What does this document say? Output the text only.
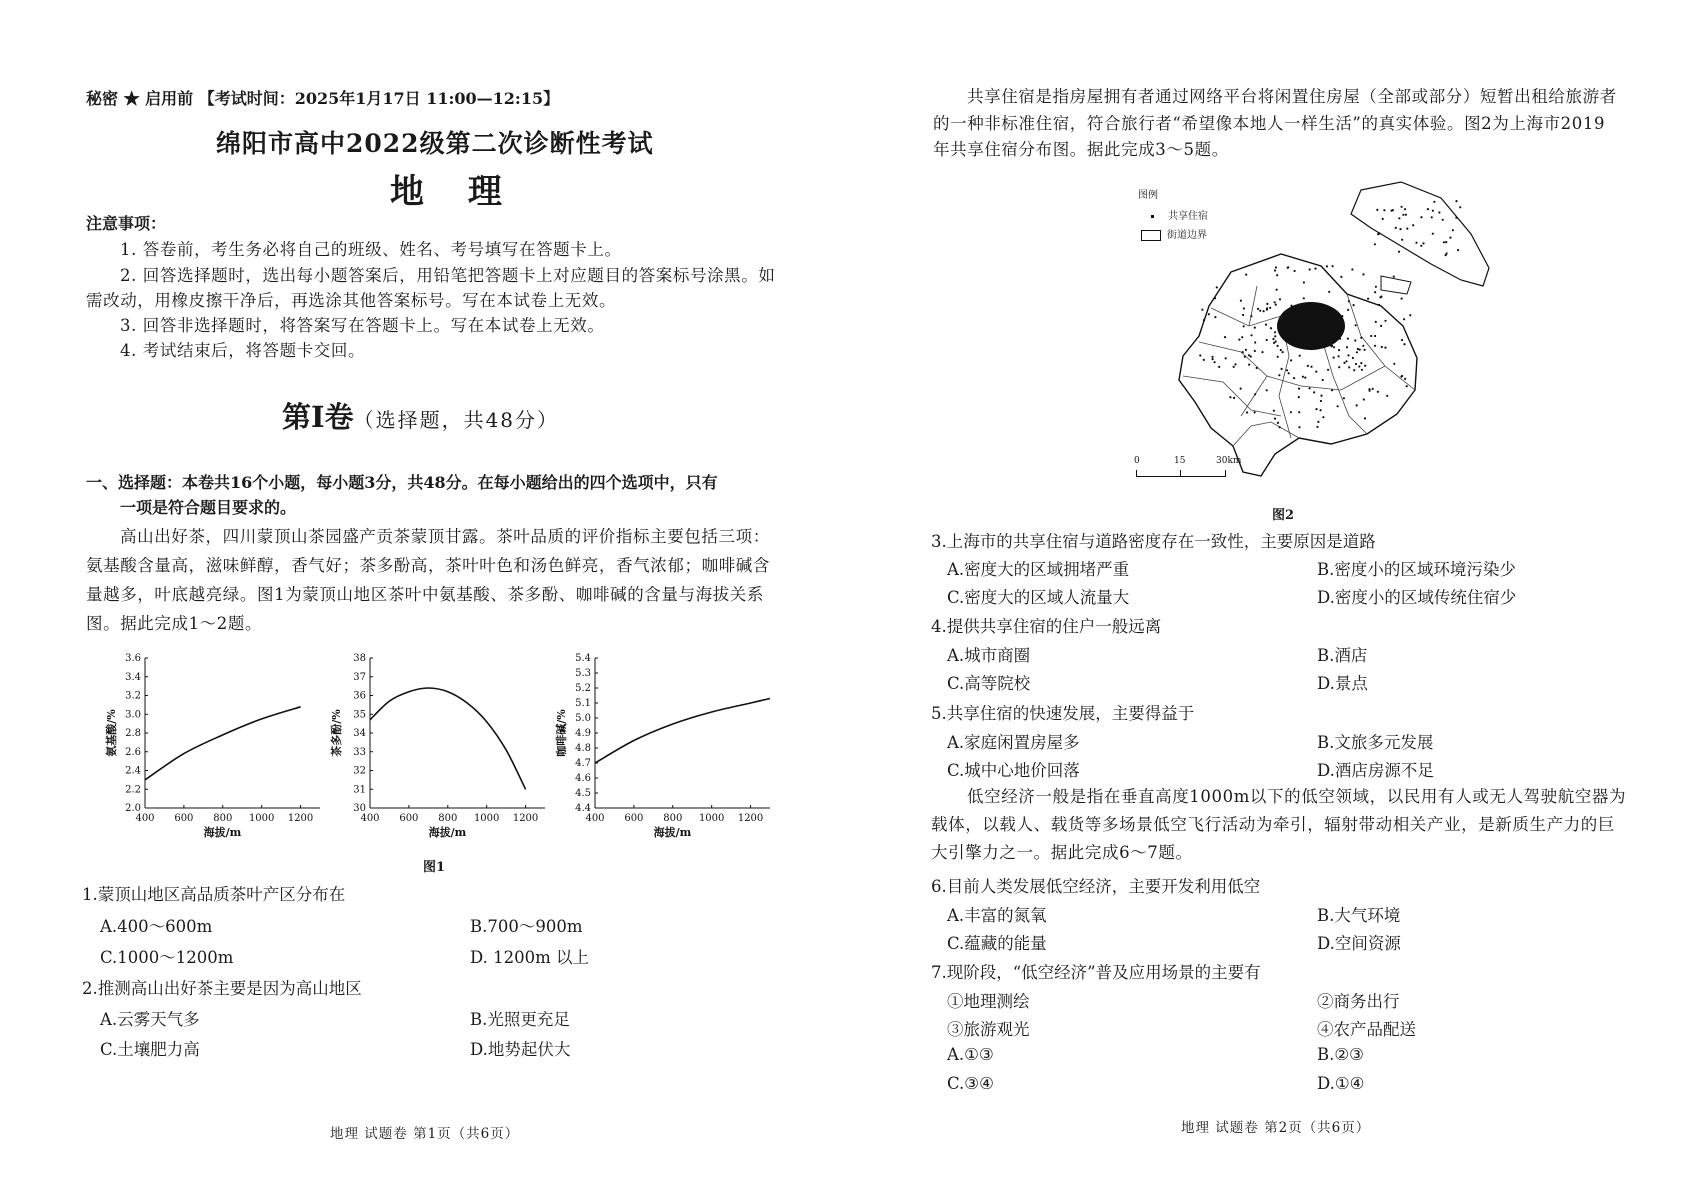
秘密 ★ 启用前 【考试时间：2025年1月17日 11:00—12:15】
绵阳市高中2022级第二次诊断性考试
地 理
注意事项：
1. 答卷前，考生务必将自己的班级、姓名、考号填写在答题卡上。
2. 回答选择题时，选出每小题答案后，用铅笔把答题卡上对应题目的答案标号涂黑。如
需改动，用橡皮擦干净后，再选涂其他答案标号。写在本试卷上无效。
3. 回答非选择题时，将答案写在答题卡上。写在本试卷上无效。
4. 考试结束后，将答题卡交回。
第Ⅰ卷（选择题，共48分）
一、选择题：本卷共16个小题，每小题3分，共48分。在每小题给出的四个选项中，只有
一项是符合题目要求的。
高山出好茶，四川蒙顶山茶园盛产贡茶蒙顶甘露。茶叶品质的评价指标主要包括三项：
氨基酸含量高，滋味鲜醇，香气好；茶多酚高，茶叶叶色和汤色鲜亮，香气浓郁；咖啡碱含
量越多，叶底越亮绿。图1为蒙顶山地区茶叶中氨基酸、茶多酚、咖啡碱的含量与海拔关系
图。据此完成1～2题。
2.0
2.2
2.4
2.6
2.8
3.0
3.2
3.4
3.6
400 600 800 1000 1200
海拔/m
氨基酸/%
30
31
32
33
34
35
36
37
38
400 600 800 1000 1200
海拔/m
茶多酚/%
4.4
4.5
4.6
4.7
4.8
4.9
5.0
5.1
5.2
5.3
5.4
400 600 800 1000 1200
海拔/m
咖啡碱/%
图1
1.蒙顶山地区高品质茶叶产区分布在
A.400～600m	B.700～900m
C.1000～1200m	D. 1200m 以上
2.推测高山出好茶主要是因为高山地区
A.云雾天气多	B.光照更充足
C.土壤肥力高	D.地势起伏大
地理 试题卷 第1页（共6页）
共享住宿是指房屋拥有者通过网络平台将闲置住房屋（全部或部分）短暂出租给旅游者
的一种非标准住宿，符合旅行者“希望像本地人一样生活”的真实体验。图2为上海市2019
年共享住宿分布图。据此完成3～5题。
图例
共享住宿
街道边界
0	15	30km
图2
3.上海市的共享住宿与道路密度存在一致性，主要原因是道路
A.密度大的区域拥堵严重	B.密度小的区域环境污染少
C.密度大的区域人流量大	D.密度小的区域传统住宿少
4.提供共享住宿的住户一般远离
A.城市商圈	B.酒店
C.高等院校	D.景点
5.共享住宿的快速发展，主要得益于
A.家庭闲置房屋多	B.文旅多元发展
C.城中心地价回落	D.酒店房源不足
低空经济一般是指在垂直高度1000m以下的低空领域，以民用有人或无人驾驶航空器为
载体，以载人、载货等多场景低空飞行活动为牵引，辐射带动相关产业，是新质生产力的巨
大引擎力之一。据此完成6～7题。
6.目前人类发展低空经济，主要开发利用低空
A.丰富的氮氧	B.大气环境
C.蕴藏的能量	D.空间资源
7.现阶段，“低空经济”普及应用场景的主要有
①地理测绘	②商务出行
③旅游观光	④农产品配送
A.①③	B.②③
C.③④	D.①④
地理 试题卷 第2页（共6页）
